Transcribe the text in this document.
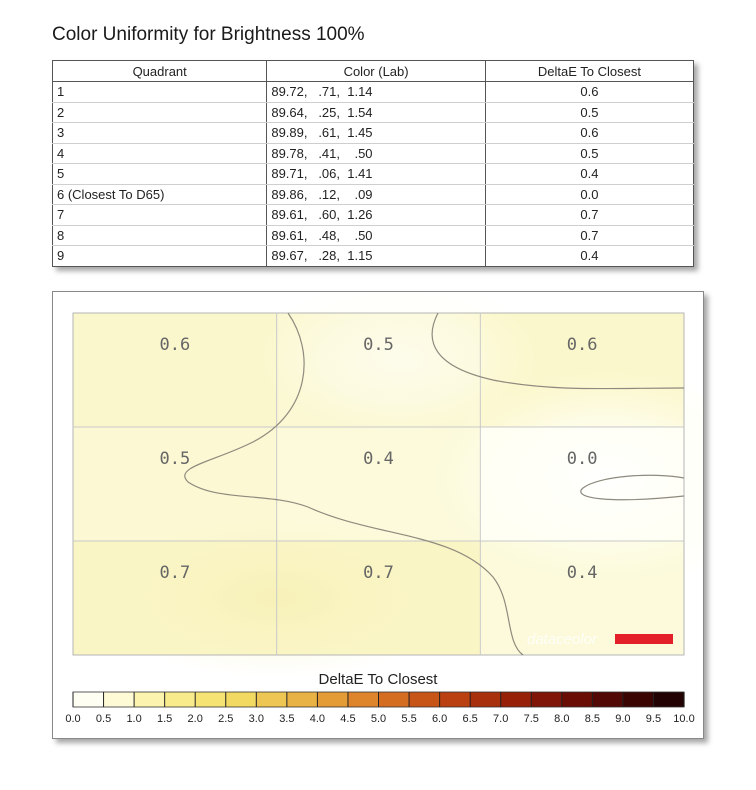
Color Uniformity for Brightness 100%
Quadrant	Color (Lab)	DeltaE To Closest
1	89.72,   .71,  1.14	0.6
2	89.64,   .25,  1.54	0.5
3	89.89,   .61,  1.45	0.6
4	89.78,   .41,    .50	0.5
5	89.71,   .06,  1.41	0.4
6 (Closest To D65)	89.86,   .12,    .09	0.0
7	89.61,   .60,  1.26	0.7
8	89.61,   .48,    .50	0.7
9	89.67,   .28,  1.15	0.4
0.6	0.5	0.6
0.5	0.4	0.0
0.7	0.7	0.4
dataceolor
DeltaE To Closest
0.0 0.5 1.0 1.5 2.0 2.5 3.0 3.5 4.0 4.5 5.0 5.5 6.0 6.5 7.0 7.5 8.0 8.5 9.0 9.5 10.0
